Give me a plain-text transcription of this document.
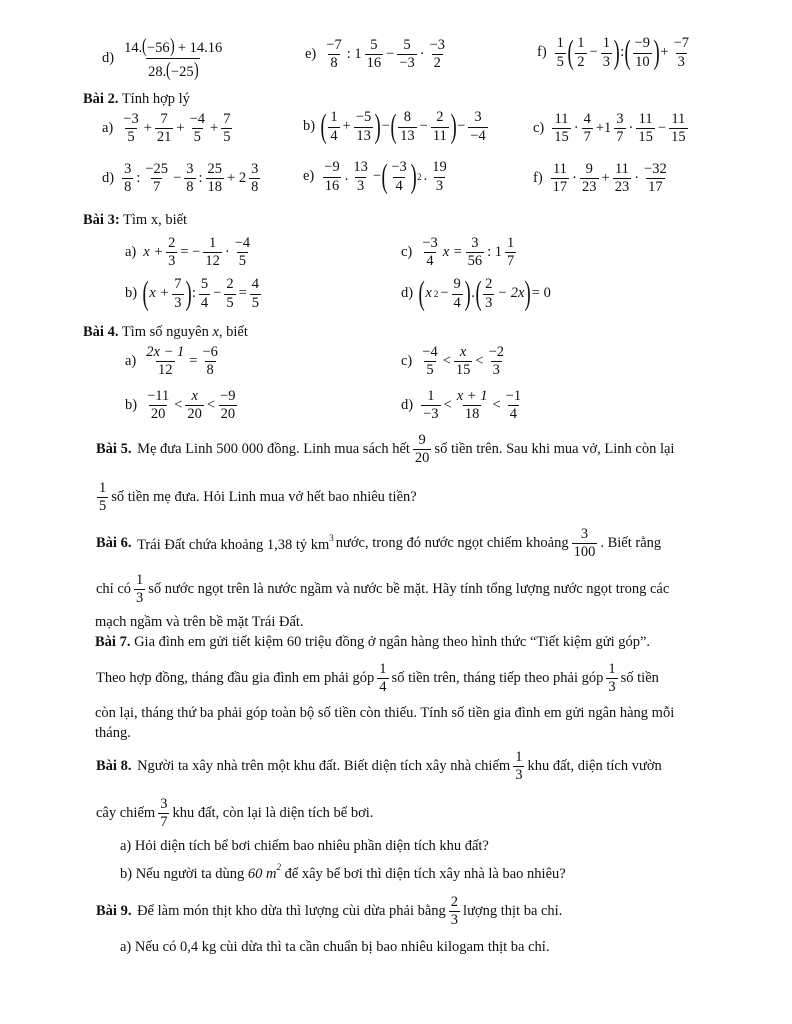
$d) \frac{14.(-56) + 14.16}{28.(-25)}$	$e) \frac{-7}{8}$ : $1 \frac{5}{16} - \frac{5}{-3} \cdot \frac{-3}{2}$	$f) \frac{1}{5}$ ( $\frac{1}{2} - \frac{1}{3}$ ) : ( $\frac{-9}{10}$ ) + $\frac{-7}{3}$
Bài 2. Tính hợp lý
$a) \frac{-3}{5} + \frac{7}{21} + \frac{-4}{5} + \frac{7}{5}$	b) ( $\frac{1}{4} + \frac{-5}{13}$ ) − ( $\frac{8}{13} - \frac{2}{11}$ ) − $\frac{3}{-4}$	$c) \frac{11}{15} \cdot \frac{4}{7} +1 \frac{3}{7} \cdot \frac{11}{15} - \frac{11}{15}$
$d) \frac{3}{8}$ : $\frac{-25}{7} - \frac{3}{8}$ : $\frac{25}{18} + 2 \frac{3}{8}$	$e) \frac{-9}{16}$ . $\frac{13}{3}$ − ( $\frac{-3}{4}$ ) 2 . $\frac{19}{3}$	$f) \frac{11}{17} \cdot \frac{9}{23} + \frac{11}{23} \cdot \frac{-32}{17}$
Bài 3: Tìm x, biết
a) $x + \frac{2}{3}$ = − $\frac{1}{12} \cdot \frac{-4}{5}$	$c) \frac{-3}{4}$ $x = \frac{3}{56}$ : $1 \frac{1}{7}$
b) ( $x + \frac{7}{3}$ ) : $\frac{5}{4} - \frac{2}{5} = \frac{4}{5}$	d) ( x $2 - \frac{9}{4}$ ) . ( $\frac{2}{3} - 2x$ ) = 0
Bài 4. Tìm số nguyên x, biết
$a) \frac{2x - 1}{12} = \frac{-6}{8}$	$c) \frac{-4}{5} < \frac{x}{15} < \frac{-2}{3}$
$b) \frac{-11}{20} < \frac{x}{20} < \frac{-9}{20}$	$d) \frac{1}{-3} < \frac{x + 1}{18} < \frac{-1}{4}$
Bài 5.
Mẹ đưa Linh 500 000 đồng. Linh mua sách hết $\frac{9}{20}$ số tiền trên. Sau khi mua vở, Linh còn lại
$\frac{1}{5}$ số tiền mẹ đưa. Hỏi Linh mua vở hết bao nhiêu tiền?
Bài 6.
Trái Đất chứa khoảng 1,38 tỷ $km^3$ nước, trong đó nước ngọt chiếm khoảng $\frac{3}{100}$ . Biết rằng
chỉ có $\frac{1}{3}$ số nước ngọt trên là nước ngầm và nước bề mặt. Hãy tính tổng lượng nước ngọt trong các
mạch ngầm và trên bề mặt Trái Đất.
Bài 7. Gia đình em gửi tiết kiệm 60 triệu đồng ở ngân hàng theo hình thức “Tiết kiệm gửi góp”.
Theo hợp đồng, tháng đầu gia đình em phải góp $\frac{1}{4}$ số tiền trên, tháng tiếp theo phải góp $\frac{1}{3}$ số tiền
còn lại, tháng thứ ba phải góp toàn bộ số tiền còn thiếu. Tính số tiền gia đình em gửi ngân hàng mỗi
tháng.
Bài 8.
Người ta xây nhà trên một khu đất. Biết diện tích xây nhà chiếm $\frac{1}{3}$ khu đất, diện tích vườn
cây chiếm $\frac{3}{7}$ khu đất, còn lại là diện tích bể bơi.
a) Hỏi diện tích bể bơi chiếm bao nhiêu phần diện tích khu đất?
b) Nếu người ta dùng 60 $m^2$ để xây bể bơi thì diện tích xây nhà là bao nhiêu?
Bài 9.
Để làm món thịt kho dừa thì lượng cùi dừa phải bằng $\frac{2}{3}$ lượng thịt ba chỉ.
a) Nếu có 0,4 kg cùi dừa thì ta cần chuẩn bị bao nhiêu kilogam thịt ba chỉ.
